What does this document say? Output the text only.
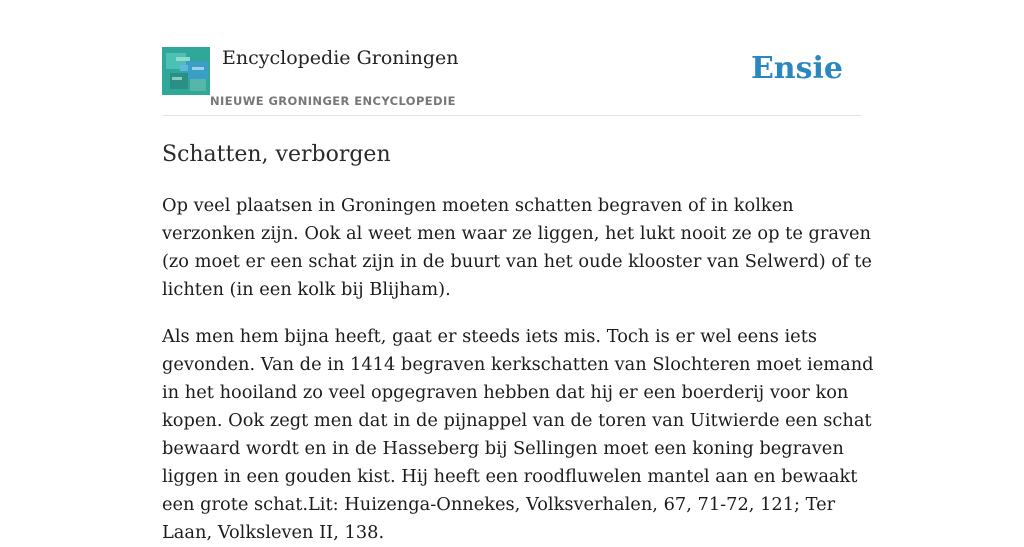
Encyclopedie Groningen
NIEUWE GRONINGER ENCYCLOPEDIE
Ensie
Schatten, verborgen

Op veel plaatsen in Groningen moeten schatten begraven of in kolken verzonken zijn. Ook al weet men waar ze liggen, het lukt nooit ze op te graven (zo moet er een schat zijn in de buurt van het oude klooster van Selwerd) of te lichten (in een kolk bij Blijham).

Als men hem bijna heeft, gaat er steeds iets mis. Toch is er wel eens iets gevonden. Van de in 1414 begraven kerkschatten van Slochteren moet iemand in het hooiland zo veel opgegraven hebben dat hij er een boerderij voor kon kopen. Ook zegt men dat in de pijnappel van de toren van Uitwierde een schat bewaard wordt en in de Hasseberg bij Sellingen moet een koning begraven liggen in een gouden kist. Hij heeft een roodfluwelen mantel aan en bewaakt een grote schat.Lit: Huizenga-Onnekes, Volksverhalen, 67, 71-72, 121; Ter Laan, Volksleven II, 138.
